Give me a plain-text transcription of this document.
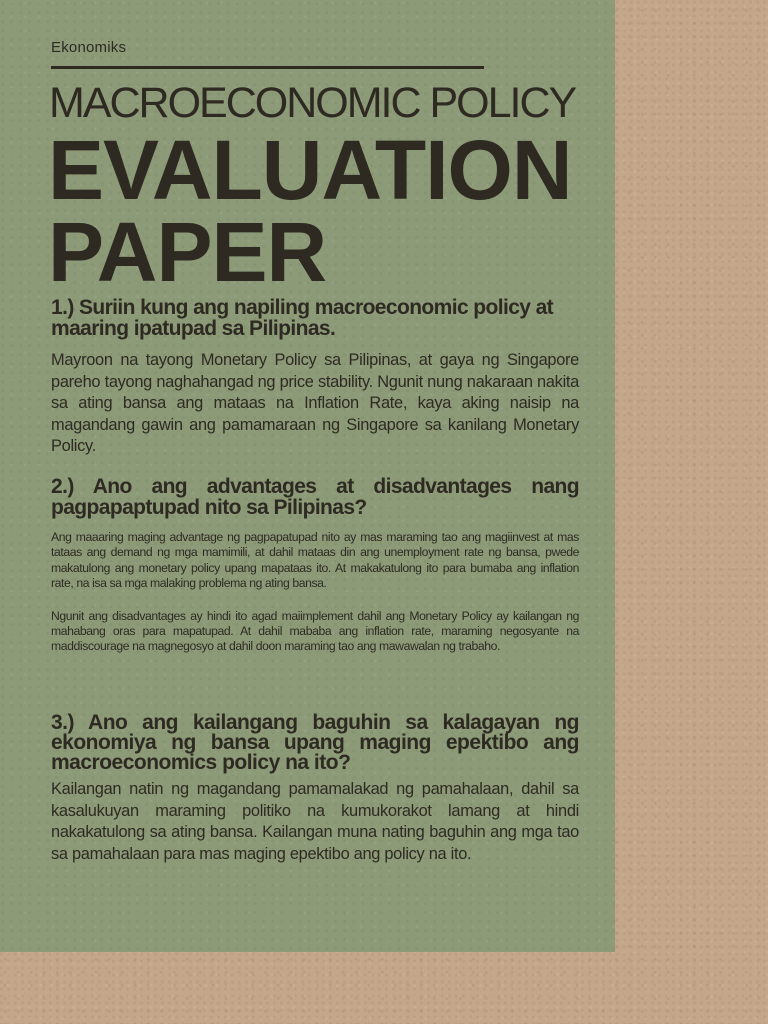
Ekonomiks
MACROECONOMIC POLICY
EVALUATION
PAPER

1.) Suriin kung ang napiling macroeconomic policy at maaring ipatupad sa Pilipinas.

Mayroon na tayong Monetary Policy sa Pilipinas, at gaya ng Singapore pareho tayong naghahangad ng price stability. Ngunit nung nakaraan nakita sa ating bansa ang mataas na Inflation Rate, kaya aking naisip na magandang gawin ang pamamaraan ng Singapore sa kanilang Monetary Policy.

2.) Ano ang advantages at disadvantages nang pagpapaptupad nito sa Pilipinas?

Ang maaaring maging advantage ng pagpapatupad nito ay mas maraming tao ang magiinvest at mas tataas ang demand ng mga mamimili, at dahil mataas din ang unemployment rate ng bansa, pwede makatulong ang monetary policy upang mapataas ito. At makakatulong ito para bumaba ang inflation rate, na isa sa mga malaking problema ng ating bansa.

Ngunit ang disadvantages ay hindi ito agad maiimplement dahil ang Monetary Policy ay kailangan ng mahabang oras para mapatupad. At dahil mababa ang inflation rate, maraming negosyante na maddiscourage na magnegosyo at dahil doon maraming tao ang mawawalan ng trabaho.

3.) Ano ang kailangang baguhin sa kalagayan ng ekonomiya ng bansa upang maging epektibo ang macroeconomics policy na ito?

Kailangan natin ng magandang pamamalakad ng pamahalaan, dahil sa kasalukuyan maraming politiko na kumukorakot lamang at hindi nakakatulong sa ating bansa. Kailangan muna nating baguhin ang mga tao sa pamahalaan para mas maging epektibo ang policy na ito.
